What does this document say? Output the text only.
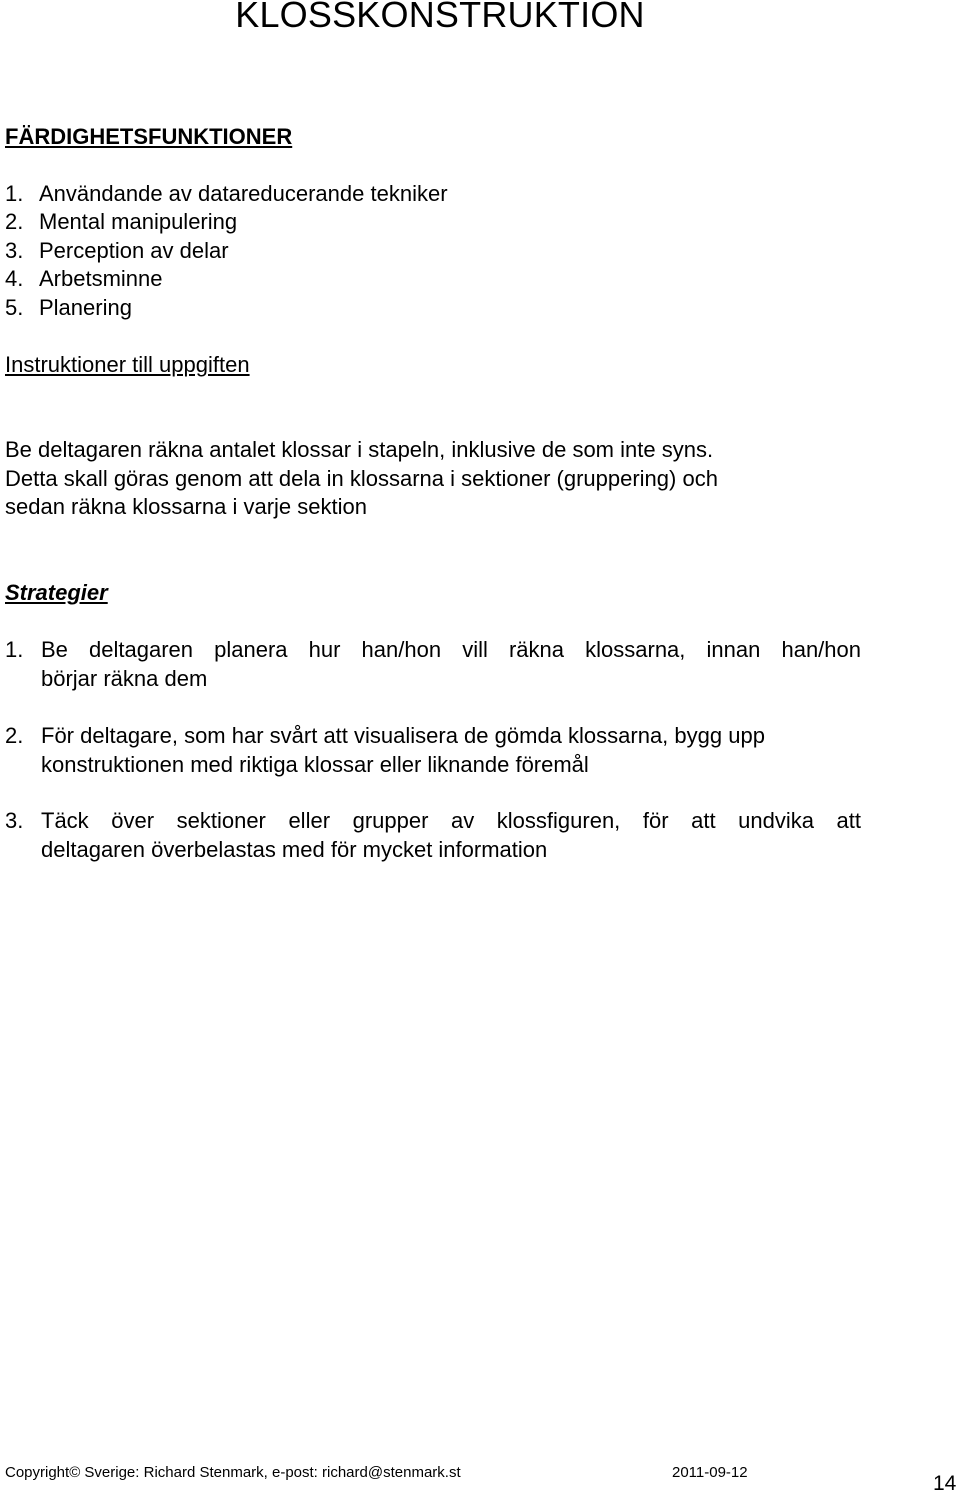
KLOSSKONSTRUKTION
FÄRDIGHETSFUNKTIONER
1. Användande av datareducerande tekniker
2. Mental manipulering
3. Perception av delar
4. Arbetsminne
5. Planering
Instruktioner till uppgiften
Be deltagaren räkna antalet klossar i stapeln, inklusive de som inte syns.
Detta skall göras genom att dela in klossarna i sektioner (gruppering) och
sedan räkna klossarna i varje sektion
Strategier
1. Be deltagaren planera hur han/hon vill räkna klossarna, innan han/hon
börjar räkna dem
2. För deltagare, som har svårt att visualisera de gömda klossarna, bygg upp
konstruktionen med riktiga klossar eller liknande föremål
3. Täck över sektioner eller grupper av klossfiguren, för att undvika att
deltagaren överbelastas med för mycket information
Copyright© Sverige: Richard Stenmark, e-post: richard@stenmark.st	2011-09-12	14
